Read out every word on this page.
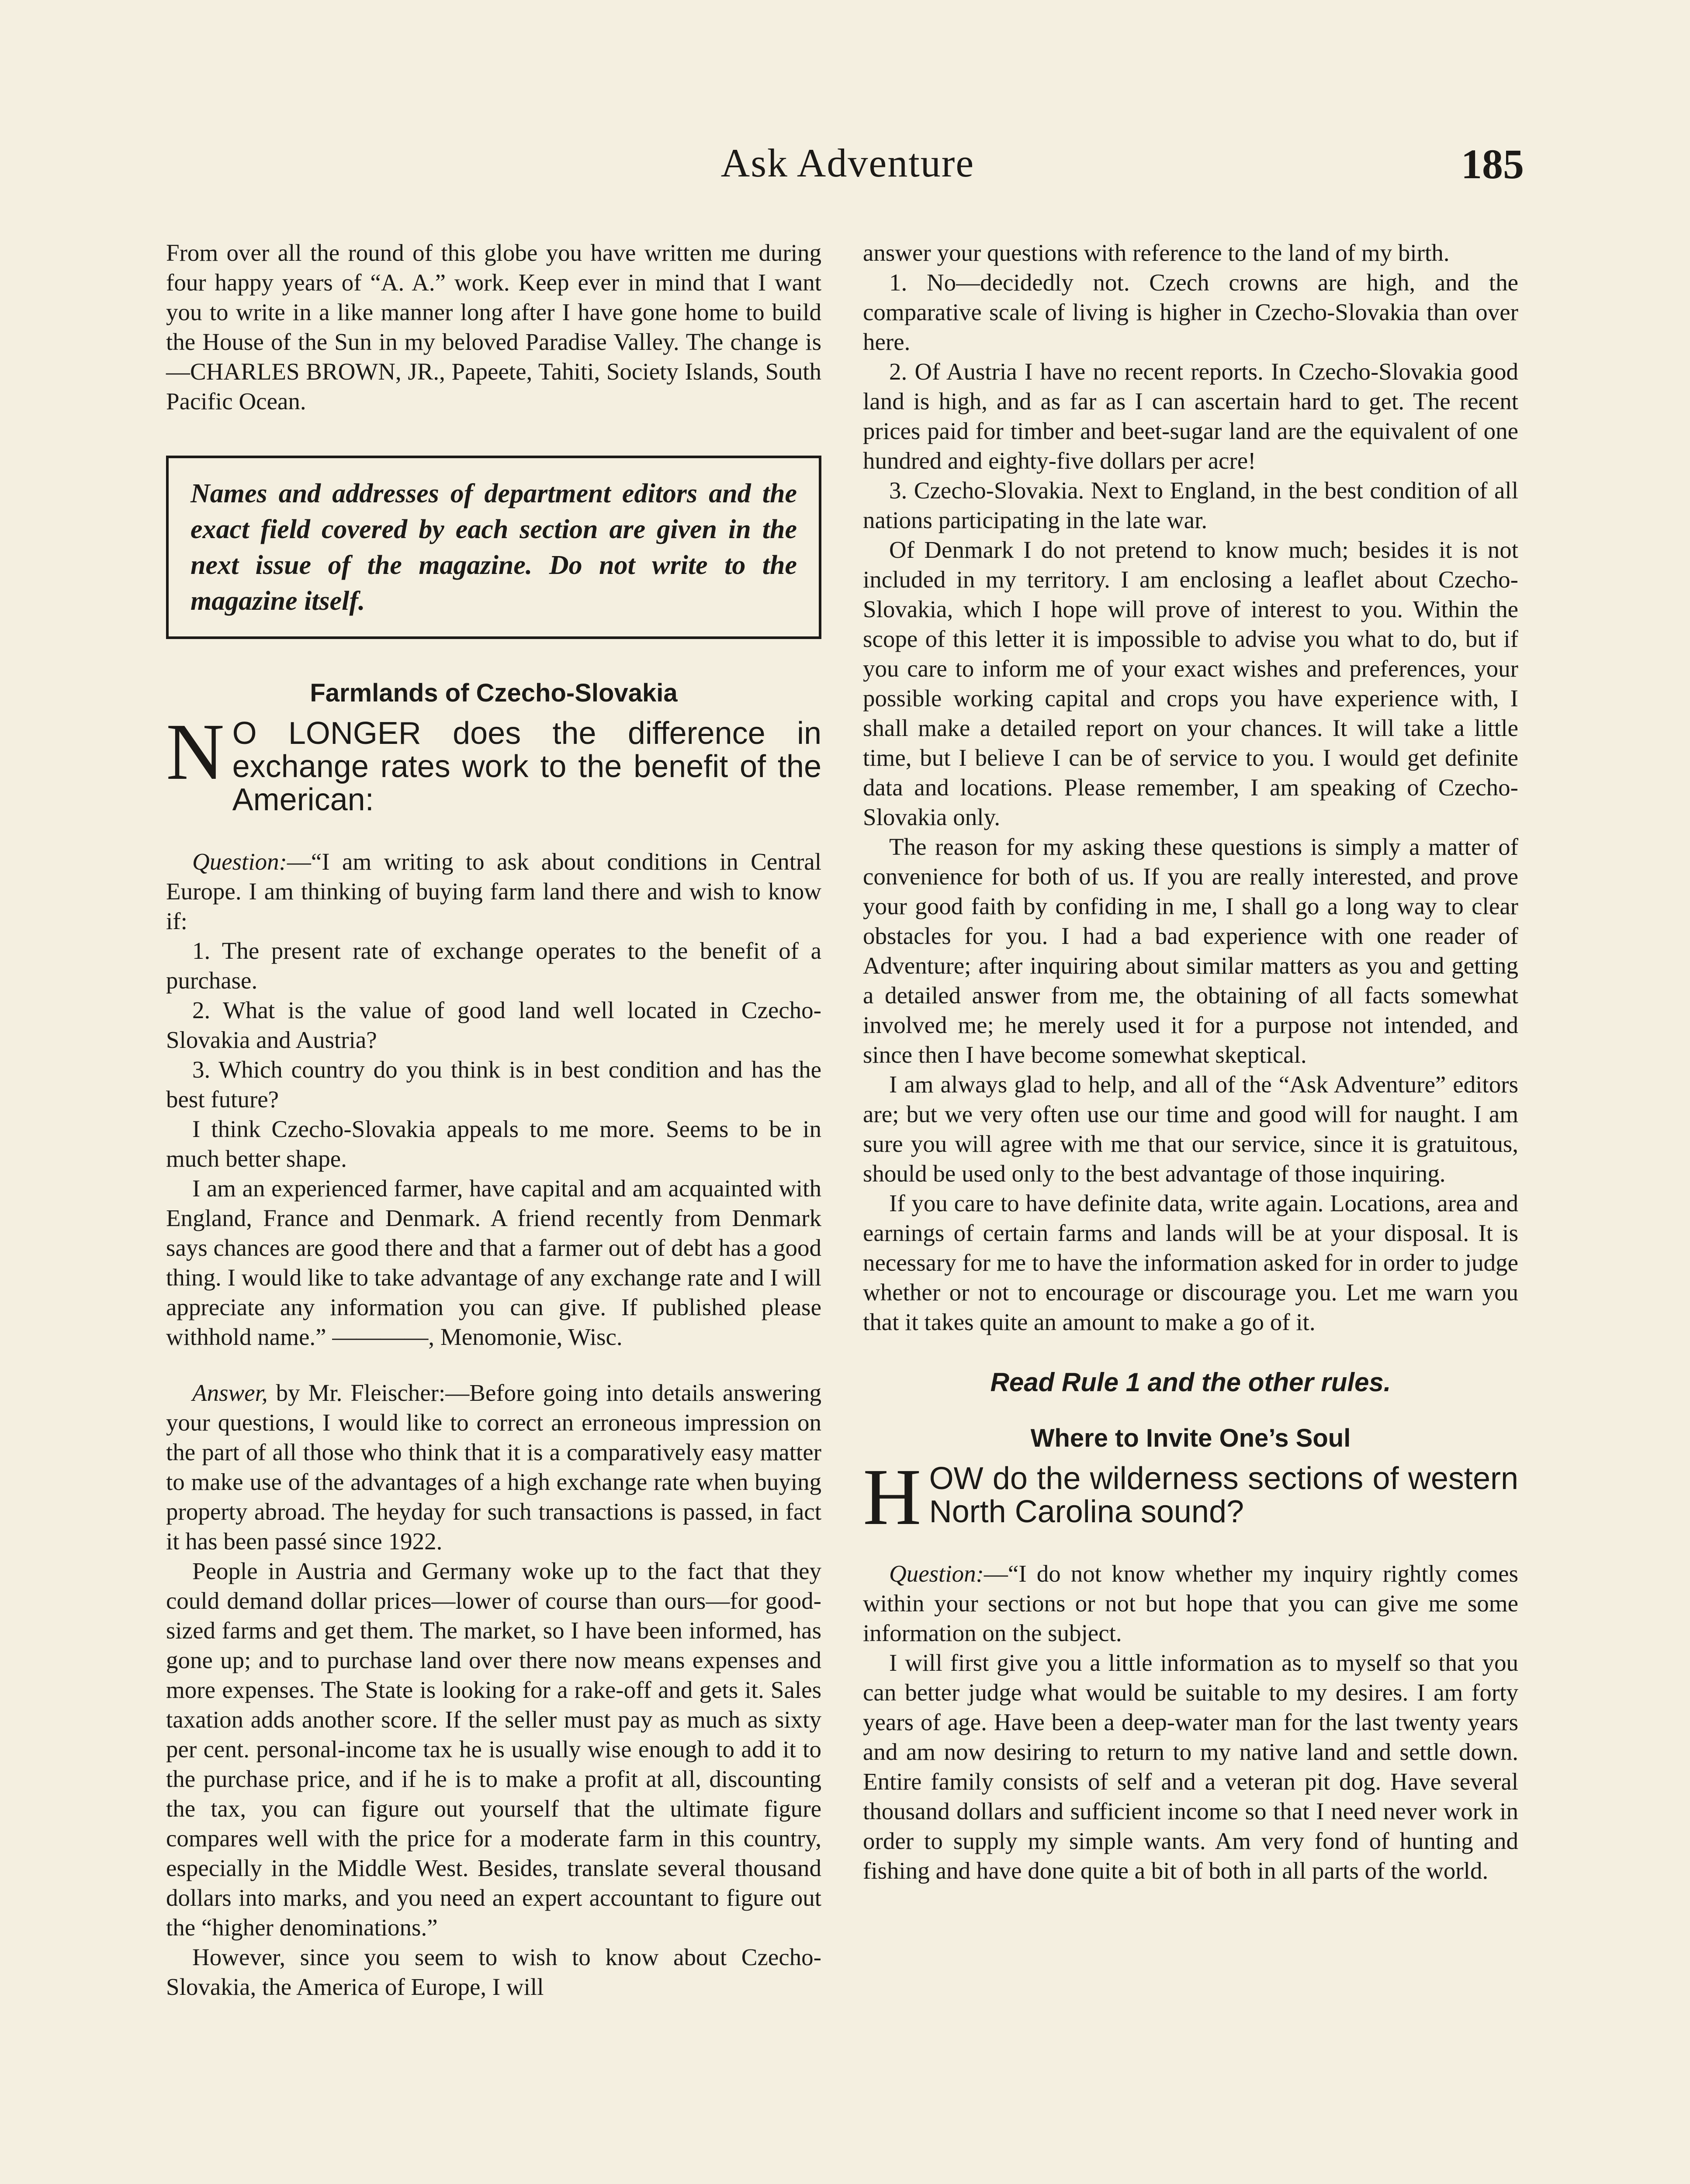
Ask Adventure	185

From over all the round of this globe you have written me during four happy years of “A. A.” work. Keep ever in mind that I want you to write in a like manner long after I have gone home to build the House of the Sun in my beloved Paradise Valley. The change is—CHARLES BROWN, JR., Papeete, Tahiti, Society Islands, South Pacific Ocean.

Names and addresses of department editors and the exact field covered by each section are given in the next issue of the magazine. Do not write to the magazine itself.
Farmlands of Czecho-Slovakia

N O LONGER does the difference in exchange rates work to the benefit of the American:

Question:—“I am writing to ask about conditions in Central Europe. I am thinking of buying farm land there and wish to know if:

1. The present rate of exchange operates to the benefit of a purchase.

2. What is the value of good land well located in Czecho-Slovakia and Austria?

3. Which country do you think is in best condition and has the best future?

I think Czecho-Slovakia appeals to me more. Seems to be in much better shape.

I am an experienced farmer, have capital and am acquainted with England, France and Denmark. A friend recently from Denmark says chances are good there and that a farmer out of debt has a good thing. I would like to take advantage of any exchange rate and I will appreciate any information you can give. If published please withhold name.” ————, Menomonie, Wisc.

Answer, by Mr. Fleischer:—Before going into details answering your questions, I would like to correct an erroneous impression on the part of all those who think that it is a comparatively easy matter to make use of the advantages of a high exchange rate when buying property abroad. The heyday for such transactions is passed, in fact it has been passé since 1922.

People in Austria and Germany woke up to the fact that they could demand dollar prices—lower of course than ours—for good-sized farms and get them. The market, so I have been informed, has gone up; and to purchase land over there now means expenses and more expenses. The State is looking for a rake-off and gets it. Sales taxation adds another score. If the seller must pay as much as sixty per cent. personal-income tax he is usually wise enough to add it to the purchase price, and if he is to make a profit at all, discounting the tax, you can figure out yourself that the ultimate figure compares well with the price for a moderate farm in this country, especially in the Middle West. Besides, translate several thousand dollars into marks, and you need an expert accountant to figure out the “higher denominations.”

However, since you seem to wish to know about Czecho-Slovakia, the America of Europe, I will

answer your questions with reference to the land of my birth.

1. No—decidedly not. Czech crowns are high, and the comparative scale of living is higher in Czecho-Slovakia than over here.

2. Of Austria I have no recent reports. In Czecho-Slovakia good land is high, and as far as I can ascertain hard to get. The recent prices paid for timber and beet-sugar land are the equivalent of one hundred and eighty-five dollars per acre!

3. Czecho-Slovakia. Next to England, in the best condition of all nations participating in the late war.

Of Denmark I do not pretend to know much; besides it is not included in my territory. I am enclosing a leaflet about Czecho-Slovakia, which I hope will prove of interest to you. Within the scope of this letter it is impossible to advise you what to do, but if you care to inform me of your exact wishes and preferences, your possible working capital and crops you have experience with, I shall make a detailed report on your chances. It will take a little time, but I believe I can be of service to you. I would get definite data and locations. Please remember, I am speaking of Czecho-Slovakia only.

The reason for my asking these questions is simply a matter of convenience for both of us. If you are really interested, and prove your good faith by confiding in me, I shall go a long way to clear obstacles for you. I had a bad experience with one reader of Adventure; after inquiring about similar matters as you and getting a detailed answer from me, the obtaining of all facts somewhat involved me; he merely used it for a purpose not intended, and since then I have become somewhat skeptical.

I am always glad to help, and all of the “Ask Adventure” editors are; but we very often use our time and good will for naught. I am sure you will agree with me that our service, since it is gratuitous, should be used only to the best advantage of those inquiring.

If you care to have definite data, write again. Locations, area and earnings of certain farms and lands will be at your disposal. It is necessary for me to have the information asked for in order to judge whether or not to encourage or discourage you. Let me warn you that it takes quite an amount to make a go of it.

Read Rule 1 and the other rules.
Where to Invite One’s Soul

HOW do the wilderness sections of western North Carolina sound?

Question:—“I do not know whether my inquiry rightly comes within your sections or not but hope that you can give me some information on the subject.

I will first give you a little information as to myself so that you can better judge what would be suitable to my desires. I am forty years of age. Have been a deep-water man for the last twenty years and am now desiring to return to my native land and settle down. Entire family consists of self and a veteran pit dog. Have several thousand dollars and sufficient income so that I need never work in order to supply my simple wants. Am very fond of hunting and fishing and have done quite a bit of both in all parts of the world.
